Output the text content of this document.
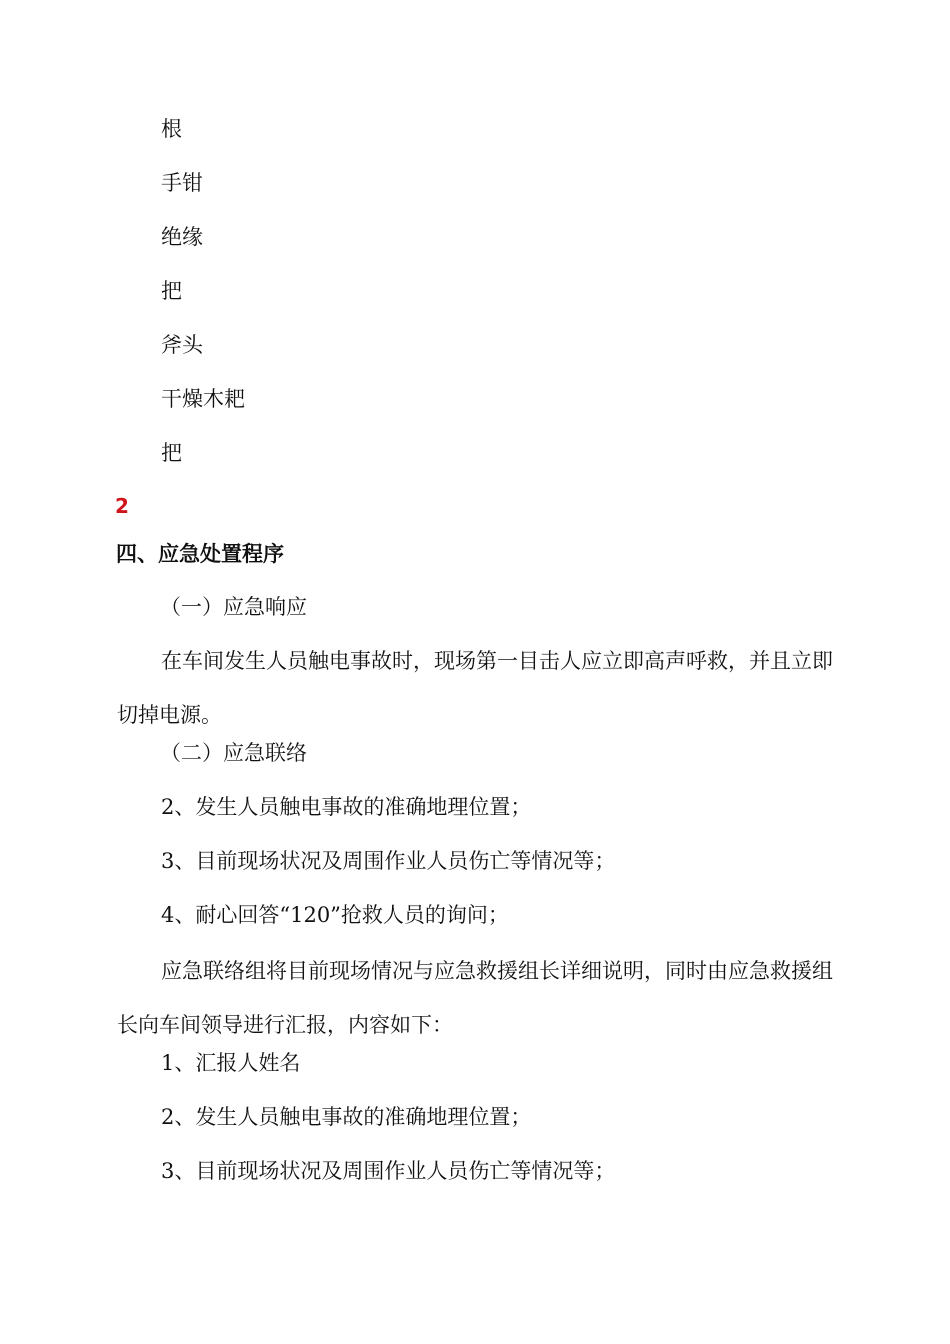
根
手钳
绝缘
把
斧头
干燥木耙
把
2
四、应急处置程序
（一）应急响应
在车间发生人员触电事故时，现场第一目击人应立即高声呼救，并且立即切掉电源。
（二）应急联络
2、发生人员触电事故的准确地理位置；
3、目前现场状况及周围作业人员伤亡等情况等；
4、耐心回答“120”抢救人员的询问；
应急联络组将目前现场情况与应急救援组长详细说明，同时由应急救援组长向车间领导进行汇报，内容如下：
1、汇报人姓名
2、发生人员触电事故的准确地理位置；
3、目前现场状况及周围作业人员伤亡等情况等；
